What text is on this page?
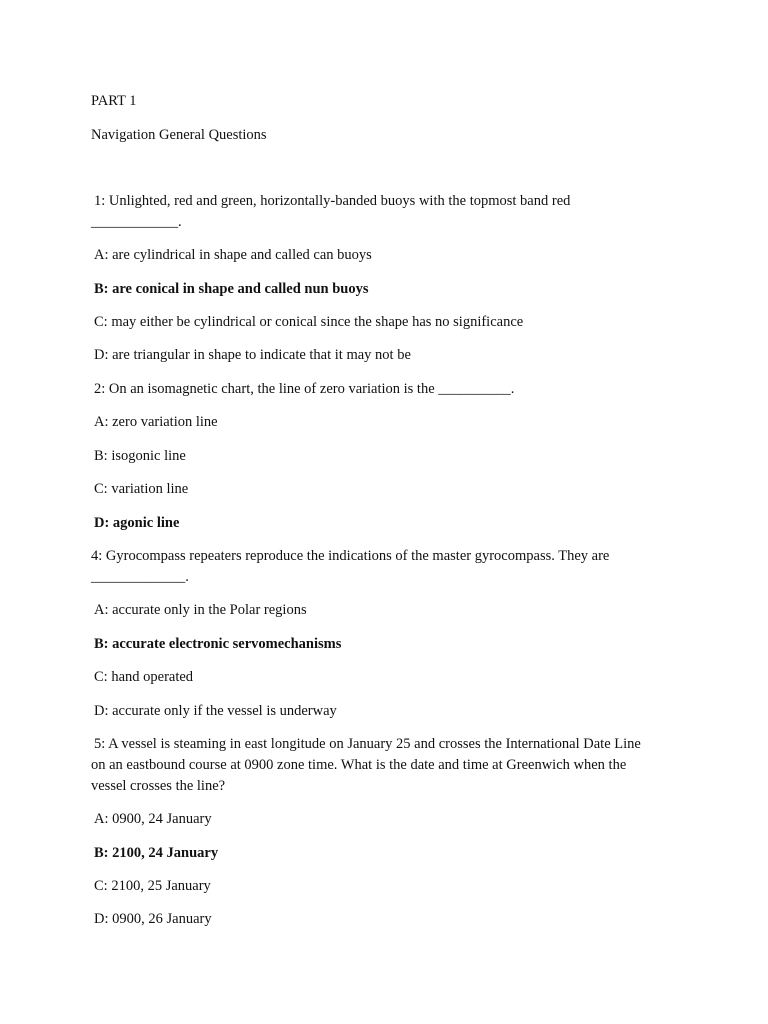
PART 1
Navigation General Questions
1: Unlighted, red and green, horizontally-banded buoys with the topmost band red
____________.
A: are cylindrical in shape and called can buoys
B: are conical in shape and called nun buoys
C: may either be cylindrical or conical since the shape has no significance
D: are triangular in shape to indicate that it may not be
2: On an isomagnetic chart, the line of zero variation is the __________.
A: zero variation line
B: isogonic line
C: variation line
D: agonic line
4: Gyrocompass repeaters reproduce the indications of the master gyrocompass. They are
_____________.
A: accurate only in the Polar regions
B: accurate electronic servomechanisms
C: hand operated
D: accurate only if the vessel is underway
5: A vessel is steaming in east longitude on January 25 and crosses the International Date Line
on an eastbound course at 0900 zone time. What is the date and time at Greenwich when the
vessel crosses the line?
A: 0900, 24 January
B: 2100, 24 January
C: 2100, 25 January
D: 0900, 26 January
